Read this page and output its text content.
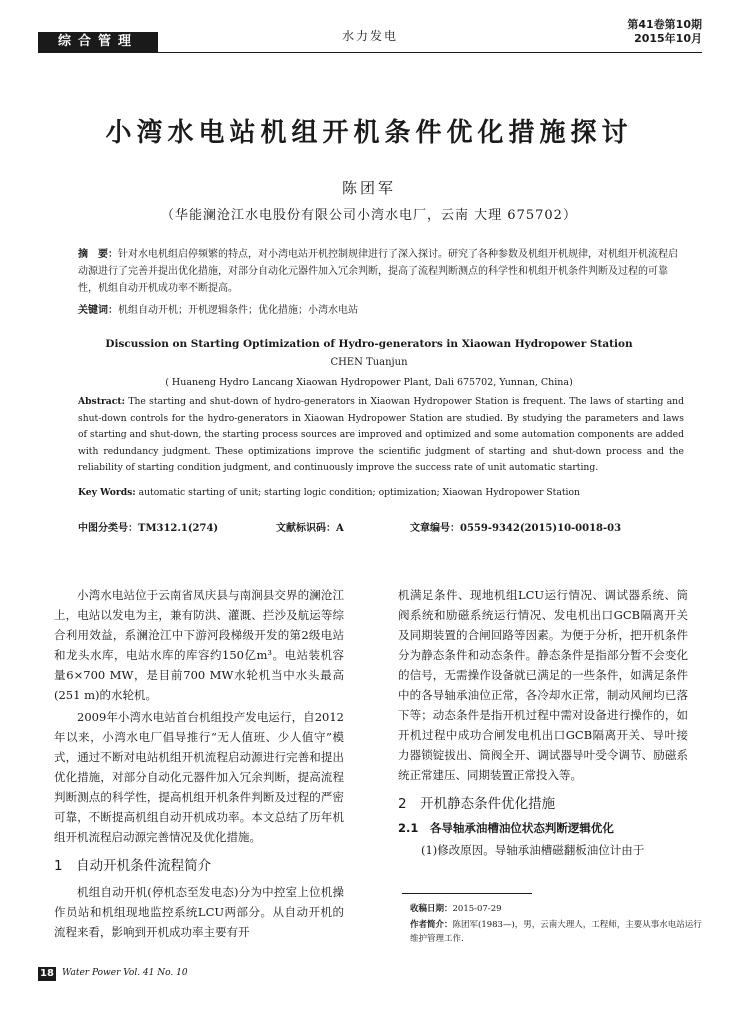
综合管理	水力发电
第41卷第10期
2015年10月
小湾水电站机组开机条件优化措施探讨
陈团军
（华能澜沧江水电股份有限公司小湾水电厂，云南 大理 675702）
摘　要：针对水电机组启停频繁的特点，对小湾电站开机控制规律进行了深入探讨。研究了各种参数及机组开机规律，对机组开机流程启动源进行了完善并提出优化措施，对部分自动化元器件加入冗余判断，提高了流程判断测点的科学性和机组开机条件判断及过程的可靠性，机组自动开机成功率不断提高。
关键词：机组自动开机；开机逻辑条件；优化措施；小湾水电站
Discussion on Starting Optimization of Hydro-generators in Xiaowan Hydropower Station
CHEN Tuanjun
( Huaneng Hydro Lancang Xiaowan Hydropower Plant, Dali 675702, Yunnan, China)
Abstract: The starting and shut-down of hydro-generators in Xiaowan Hydropower Station is frequent. The laws of starting and shut-down controls for the hydro-generators in Xiaowan Hydropower Station are studied. By studying the parameters and laws of starting and shut-down, the starting process sources are improved and optimized and some automation components are added with redundancy judgment. These optimizations improve the scientific judgment of starting and shut-down process and the reliability of starting condition judgment, and continuously improve the success rate of unit automatic starting.
Key Words: automatic starting of unit; starting logic condition; optimization; Xiaowan Hydropower Station
中图分类号：TM312.1(274)	文献标识码：A	文章编号：0559-9342(2015)10-0018-03

小湾水电站位于云南省凤庆县与南涧县交界的澜沧江上，电站以发电为主，兼有防洪、灌溉、拦沙及航运等综合利用效益，系澜沧江中下游河段梯级开发的第2级电站和龙头水库，电站水库的库容约150亿m³。电站装机容量6×700 MW，是目前700 MW水轮机当中水头最高(251 m)的水轮机。

2009年小湾水电站首台机组投产发电运行，自2012年以来，小湾水电厂倡导推行“无人值班、少人值守”模式，通过不断对电站机组开机流程启动源进行完善和提出优化措施，对部分自动化元器件加入冗余判断，提高流程判断测点的科学性，提高机组开机条件判断及过程的严密可靠，不断提高机组自动开机成功率。本文总结了历年机组开机流程启动源完善情况及优化措施。

1　自动开机条件流程简介

机组自动开机(停机态至发电态)分为中控室上位机操作员站和机组现地监控系统LCU两部分。从自动开机的流程来看，影响到开机成功率主要有开

机满足条件、现地机组LCU运行情况、调试器系统、筒阀系统和励磁系统运行情况、发电机出口GCB隔离开关及同期装置的合闸回路等因素。为便于分析，把开机条件分为静态条件和动态条件。静态条件是指部分暂不会变化的信号，无需操作设备就已满足的一些条件，如满足条件中的各导轴承油位正常，各冷却水正常，制动风闸均已落下等；动态条件是指开机过程中需对设备进行操作的，如开机过程中成功合闸发电机出口GCB隔离开关、导叶接力器锁锭拔出、筒阀全开、调试器导叶受令调节、励磁系统正常建压、同期装置正常投入等。

2　开机静态条件优化措施
2.1　各导轴承油槽油位状态判断逻辑优化

(1)修改原因。导轴承油槽磁翻板油位计由于

收稿日期：2015-07-29
作者简介：陈团军(1983—)，男，云南大理人，工程师，主要从事水电站运行维护管理工作.
18 Water Power Vol. 41 No. 10
